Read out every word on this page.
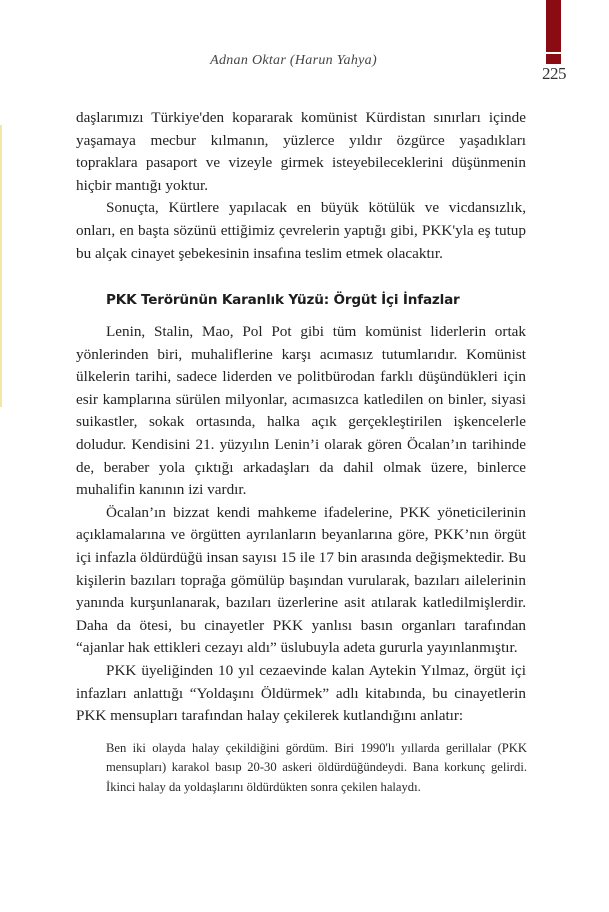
225
Adnan Oktar (Harun Yahya)

daşlarımızı Türkiye'den kopararak komünist Kürdistan sınırları içinde yaşamaya mecbur kılmanın, yüzlerce yıldır özgürce yaşadıkları topraklara pasaport ve vizeyle girmek isteyebileceklerini düşünmenin hiçbir mantığı yoktur.

Sonuçta, Kürtlere yapılacak en büyük kötülük ve vicdansızlık, onları, en başta sözünü ettiğimiz çevrelerin yaptığı gibi, PKK'yla eş tutup bu alçak cinayet şebekesinin insafına teslim etmek olacaktır.

PKK Terörünün Karanlık Yüzü: Örgüt İçi İnfazlar

Lenin, Stalin, Mao, Pol Pot gibi tüm komünist liderlerin ortak yönlerinden biri, muhaliflerine karşı acımasız tutumlarıdır. Komünist ülkelerin tarihi, sadece liderden ve politbürodan farklı düşündükleri için esir kamplarına sürülen milyonlar, acımasızca katledilen on binler, siyasi suikastler, sokak ortasında, halka açık gerçekleştirilen işkencelerle doludur. Kendisini 21. yüzyılın Lenin’i olarak gören Öcalan’ın tarihinde de, beraber yola çıktığı arkadaşları da dahil olmak üzere, binlerce muhalifin kanının izi vardır.

Öcalan’ın bizzat kendi mahkeme ifadelerine, PKK yöneticilerinin açıklamalarına ve örgütten ayrılanların beyanlarına göre, PKK’nın örgüt içi infazla öldürdüğü insan sayısı 15 ile 17 bin arasında değişmektedir. Bu kişilerin bazıları toprağa gömülüp başından vurularak, bazıları ailelerinin yanında kurşunlanarak, bazıları üzerlerine asit atılarak katledilmişlerdir. Daha da ötesi, bu cinayetler PKK yanlısı basın organları tarafından “ajanlar hak ettikleri cezayı aldı” üslubuyla adeta gururla yayınlanmıştır.

PKK üyeliğinden 10 yıl cezaevinde kalan Aytekin Yılmaz, örgüt içi infazları anlattığı “Yoldaşını Öldürmek” adlı kitabında, bu cinayetlerin PKK mensupları tarafından halay çekilerek kutlandığını anlatır:

Ben iki olayda halay çekildiğini gördüm. Biri 1990'lı yıllarda gerillalar (PKK mensupları) karakol basıp 20-30 askeri öldürdüğündeydi. Bana korkunç gelirdi. İkinci halay da yoldaşlarını öldürdükten sonra çekilen halaydı.
